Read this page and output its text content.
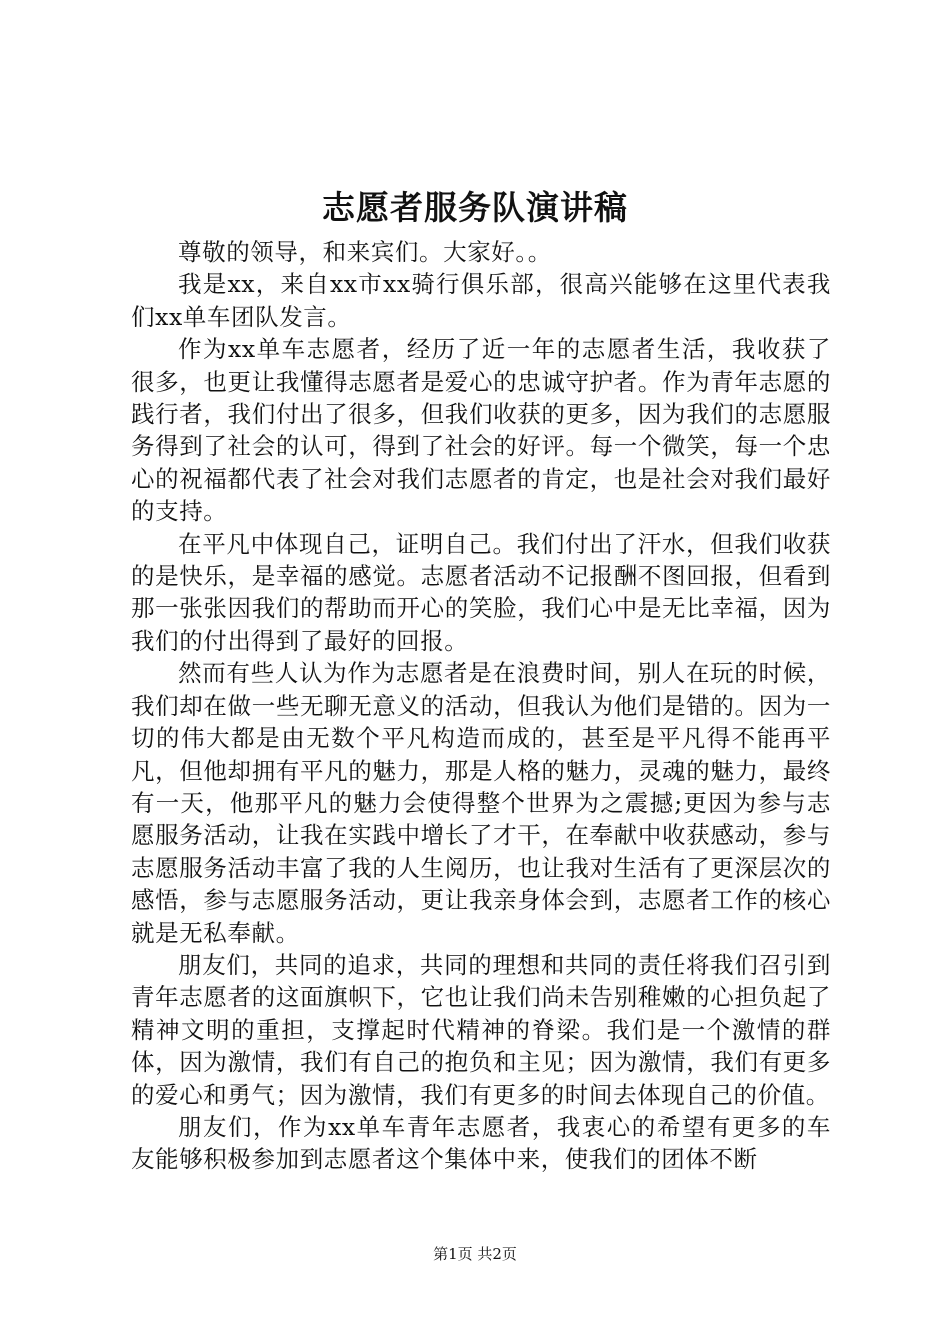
志愿者服务队演讲稿

尊敬的领导，和来宾们。大家好。。

我是xx，来自xx市xx骑行俱乐部，很高兴能够在这里代表我们xx单车团队发言。

作为xx单车志愿者，经历了近一年的志愿者生活，我收获了很多，也更让我懂得志愿者是爱心的忠诚守护者。作为青年志愿的践行者，我们付出了很多，但我们收获的更多，因为我们的志愿服务得到了社会的认可，得到了社会的好评。每一个微笑，每一个忠心的祝福都代表了社会对我们志愿者的肯定，也是社会对我们最好的支持。

在平凡中体现自己，证明自己。我们付出了汗水，但我们收获的是快乐，是幸福的感觉。志愿者活动不记报酬不图回报，但看到那一张张因我们的帮助而开心的笑脸，我们心中是无比幸福，因为我们的付出得到了最好的回报。

然而有些人认为作为志愿者是在浪费时间，别人在玩的时候，我们却在做一些无聊无意义的活动，但我认为他们是错的。因为一切的伟大都是由无数个平凡构造而成的，甚至是平凡得不能再平凡，但他却拥有平凡的魅力，那是人格的魅力，灵魂的魅力，最终有一天，他那平凡的魅力会使得整个世界为之震撼;更因为参与志愿服务活动，让我在实践中增长了才干，在奉献中收获感动，参与志愿服务活动丰富了我的人生阅历，也让我对生活有了更深层次的感悟，参与志愿服务活动，更让我亲身体会到，志愿者工作的核心就是无私奉献。

朋友们，共同的追求，共同的理想和共同的责任将我们召引到青年志愿者的这面旗帜下，它也让我们尚未告别稚嫩的心担负起了精神文明的重担，支撑起时代精神的脊梁。我们是一个激情的群体，因为激情，我们有自己的抱负和主见；因为激情，我们有更多的爱心和勇气；因为激情，我们有更多的时间去体现自己的价值。

朋友们，作为xx单车青年志愿者，我衷心的希望有更多的车友能够积极参加到志愿者这个集体中来，使我们的团体不断

第1页 共2页
